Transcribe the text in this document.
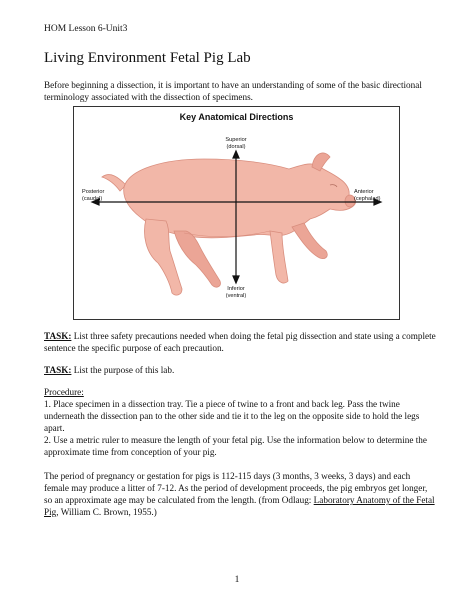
HOM Lesson 6-Unit3
Living Environment Fetal Pig Lab
Before beginning a dissection, it is important to have an understanding of some of the basic directional terminology associated with the dissection of specimens.
Key Anatomical Directions
Superior
(dorsal)
Inferior
(ventral)
Posterior
(caudal)
Anterior
(cephalad)
TASK: List three safety precautions needed when doing the fetal pig dissection and state using a complete sentence the specific purpose of each precaution.
TASK: List the purpose of this lab.
Procedure:
1. Place specimen in a dissection tray. Tie a piece of twine to a front and back leg. Pass the twine underneath the dissection pan to the other side and tie it to the leg on the opposite side to hold the legs apart.
2. Use a metric ruler to measure the length of your fetal pig. Use the information below to determine the approximate time from conception of your pig.
The period of pregnancy or gestation for pigs is 112-115 days (3 months, 3 weeks, 3 days) and each female may produce a litter of 7-12. As the period of development proceeds, the pig embryos get longer, so an approximate age may be calculated from the length. (from Odlaug: Laboratory Anatomy of the Fetal Pig, William C. Brown, 1955.)
1
